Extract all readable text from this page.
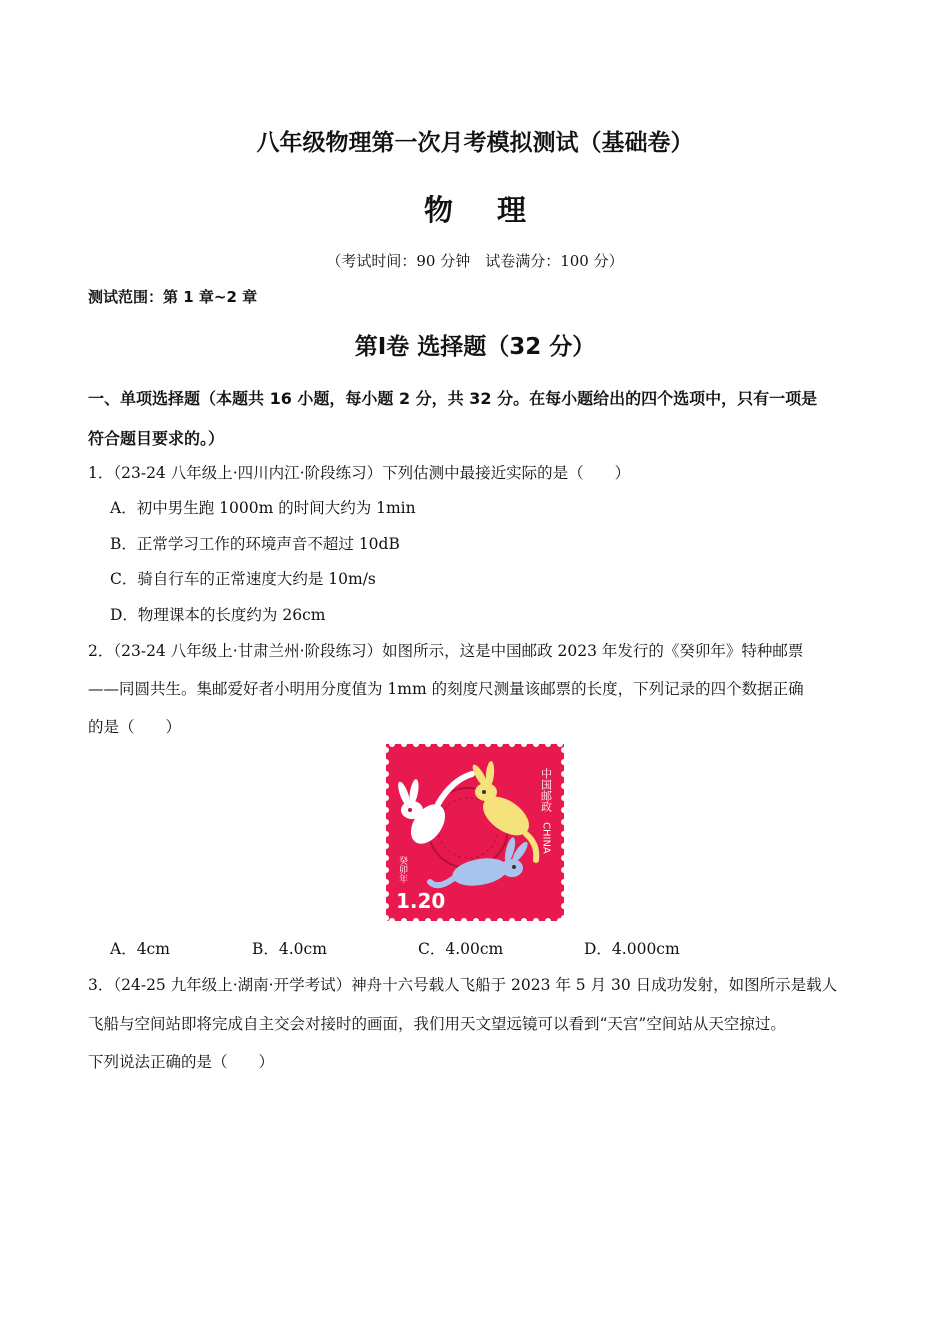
八年级物理第一次月考模拟测试（基础卷）
物理
（考试时间：90 分钟　试卷满分：100 分）
测试范围：第 1 章~2 章
第Ⅰ卷 选择题（32 分）
一、单项选择题（本题共 16 小题，每小题 2 分，共 32 分。在每小题给出的四个选项中，只有一项是
符合题目要求的。）
1．（23-24 八年级上·四川内江·阶段练习）下列估测中最接近实际的是（　　）
A．初中男生跑 1000m 的时间大约为 1min
B．正常学习工作的环境声音不超过 10dB
C．骑自行车的正常速度大约是 10m/s
D．物理课本的长度约为 26cm
2．（23-24 八年级上·甘肃兰州·阶段练习）如图所示，这是中国邮政 2023 年发行的《癸卯年》特种邮票
——同圆共生。集邮爱好者小明用分度值为 1mm 的刻度尺测量该邮票的长度，下列记录的四个数据正确
的是（　　）
中国邮政
CHINA
癸卯年
1.20
A．4cm	B．4.0cm	C．4.00cm	D．4.000cm
3．（24-25 九年级上·湖南·开学考试）神舟十六号载人飞船于 2023 年 5 月 30 日成功发射，如图所示是载人
飞船与空间站即将完成自主交会对接时的画面，我们用天文望远镜可以看到“天宫”空间站从天空掠过。
下列说法正确的是（　　）
